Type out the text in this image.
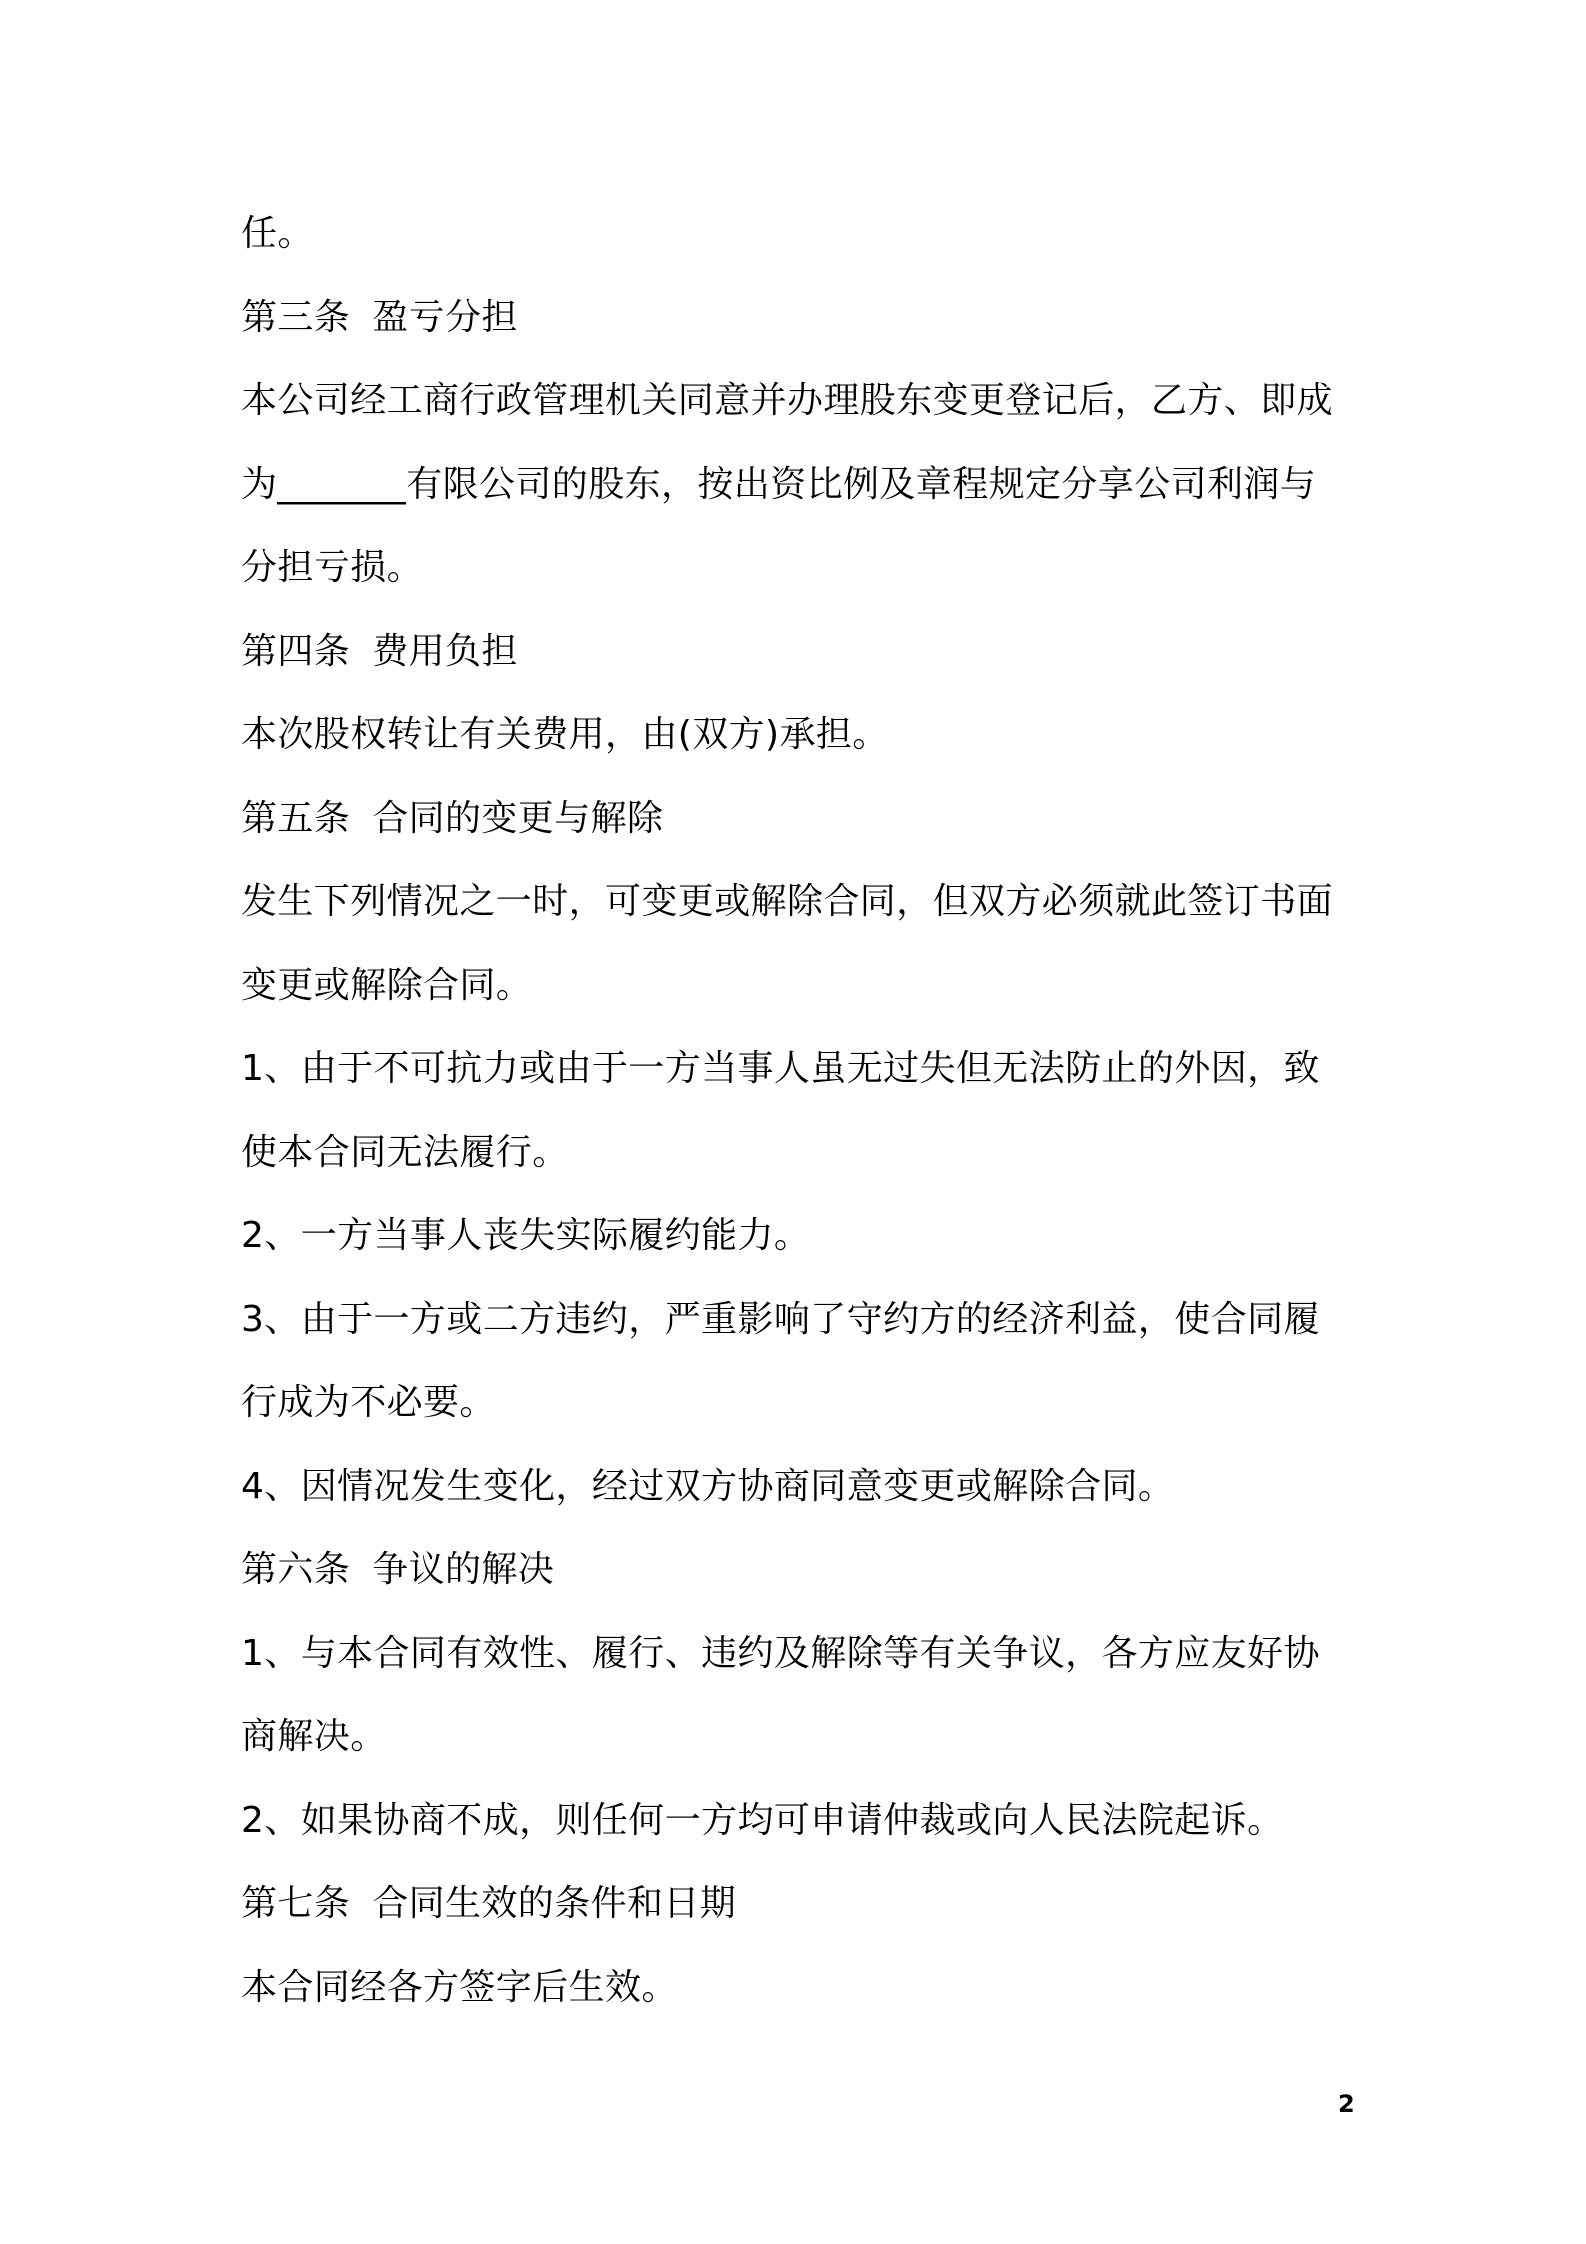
任。
第三条 盈亏分担
本公司经工商行政管理机关同意并办理股东变更登记后，乙方、即成
为_______有限公司的股东，按出资比例及章程规定分享公司利润与
分担亏损。
第四条 费用负担
本次股权转让有关费用，由(双方)承担。
第五条 合同的变更与解除
发生下列情况之一时，可变更或解除合同，但双方必须就此签订书面
变更或解除合同。
1、由于不可抗力或由于一方当事人虽无过失但无法防止的外因，致
使本合同无法履行。
2、一方当事人丧失实际履约能力。
3、由于一方或二方违约，严重影响了守约方的经济利益，使合同履
行成为不必要。
4、因情况发生变化，经过双方协商同意变更或解除合同。
第六条 争议的解决
1、与本合同有效性、履行、违约及解除等有关争议，各方应友好协
商解决。
2、如果协商不成，则任何一方均可申请仲裁或向人民法院起诉。
第七条 合同生效的条件和日期
本合同经各方签字后生效。
2
